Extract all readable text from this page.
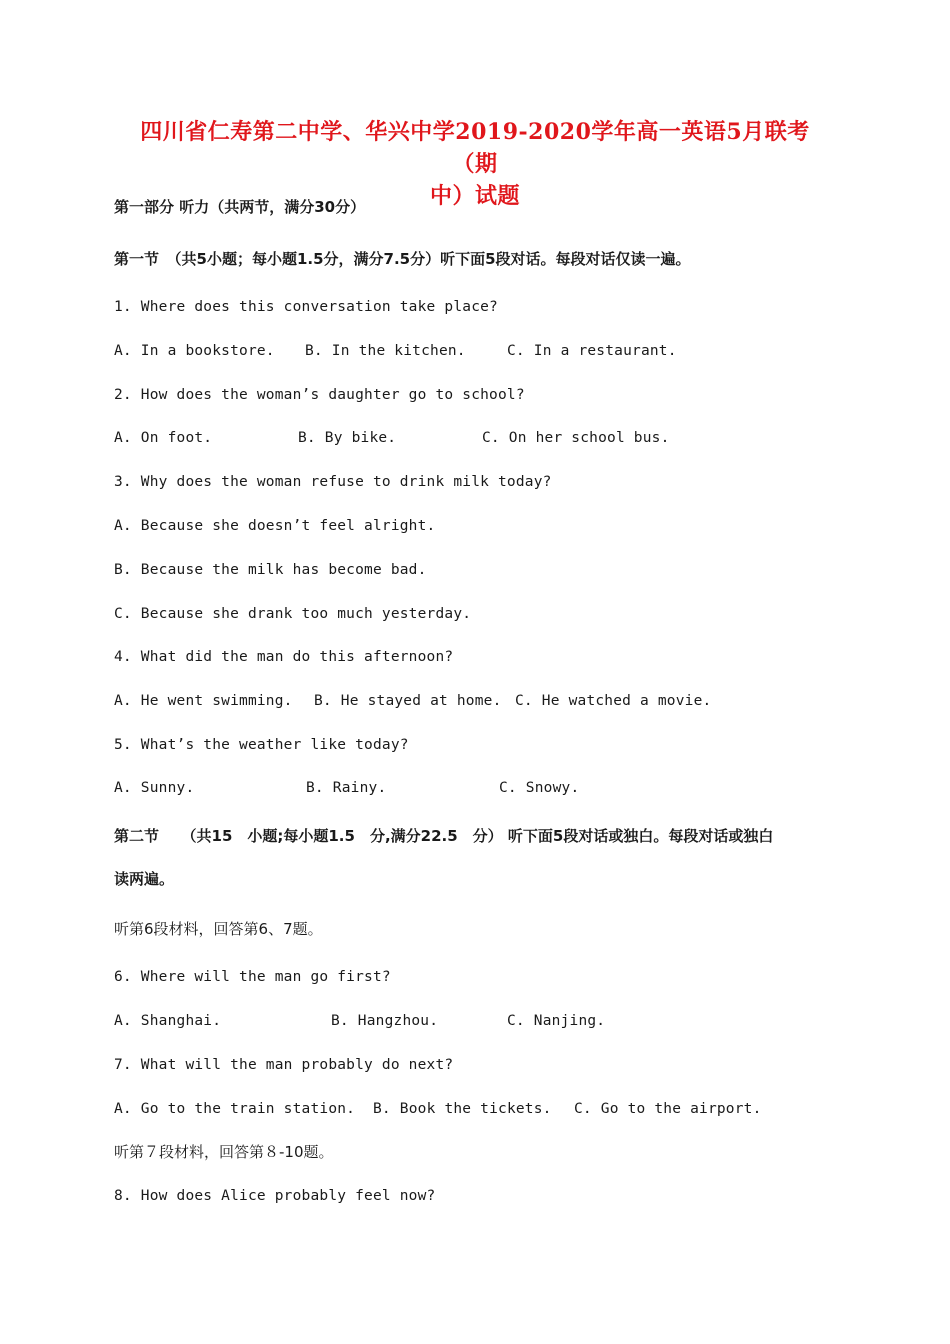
四川省仁寿第二中学、华兴中学2019-2020学年高一英语5月联考（期
中）试题
第一部分 听力（共两节，满分30分）
第一节　（共5小题；每小题1.5分，满分7.5分）听下面5段对话。每段对话仅读一遍。
1. Where does this conversation take place?
A. In a bookstore. B. In the kitchen.	C. In a restaurant.
2. How does the woman’s daughter go to school?
A. On foot.	B. By bike.	C. On her school bus.
3. Why does the woman refuse to drink milk today?
A. Because she doesn’t feel alright.
B. Because the milk has become bad.
C. Because she drank too much yesterday.
4. What did the man do this afternoon?
A. He went swimming. B. He stayed at home. C. He watched a movie.
5. What’s the weather like today?
A. Sunny.	B. Rainy.	C. Snowy.
第二节　　（共15　小题;每小题1.5　分,满分22.5　分） 听下面5段对话或独白。每段对话或独白
读两遍。
听第6段材料，回答第6、7题。
6. Where will the man go first?
A. Shanghai.	B. Hangzhou.	C. Nanjing.
7. What will the man probably do next?
A. Go to the train station. B. Book the tickets. C. Go to the airport.
听第７段材料，回答第８-10题。
8. How does Alice probably feel now?
